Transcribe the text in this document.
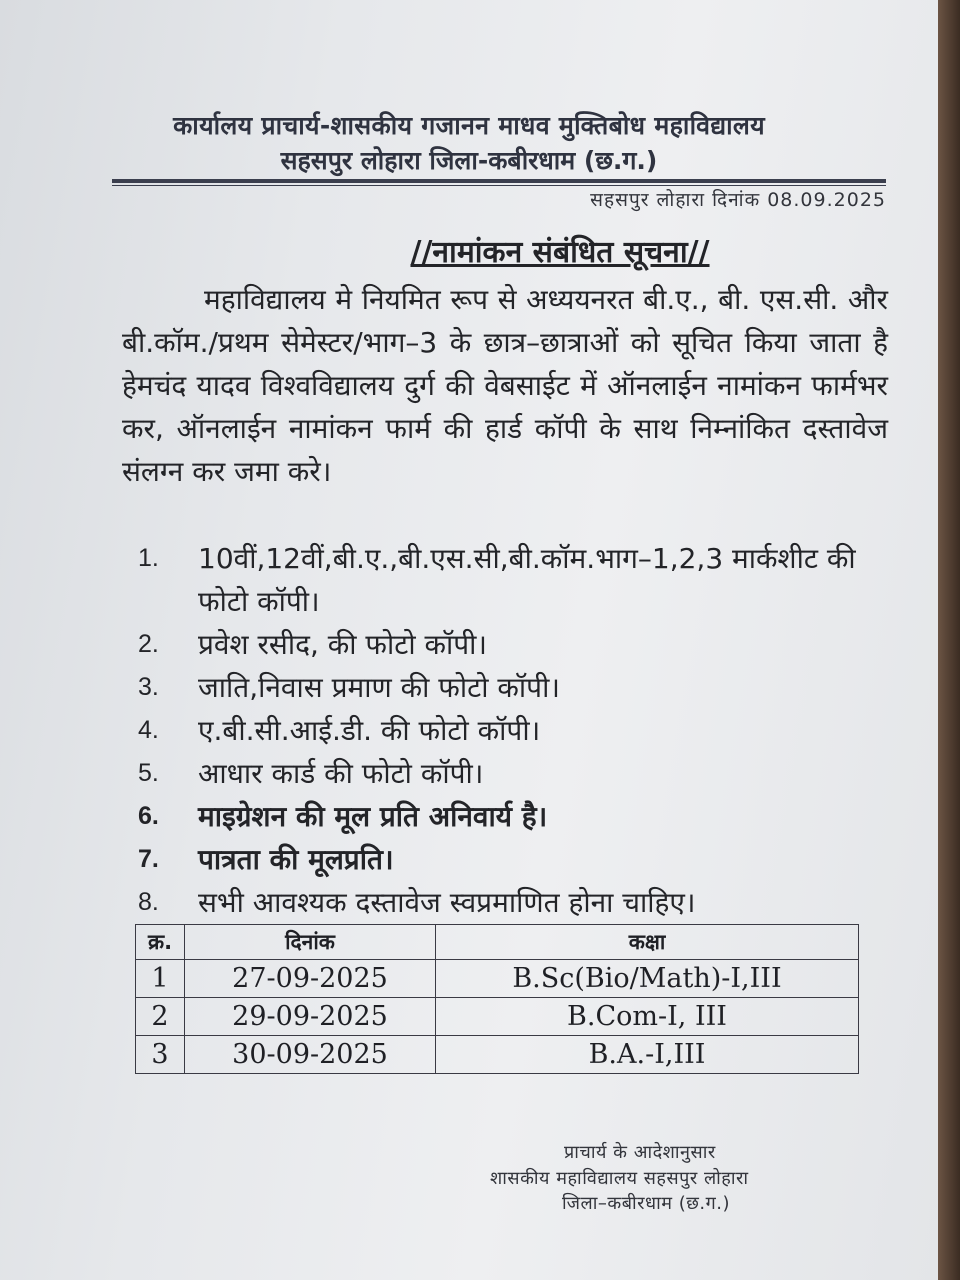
कार्यालय प्राचार्य-शासकीय गजानन माधव मुक्तिबोध महाविद्यालय
सहसपुर लोहारा जिला-कबीरधाम (छ.ग.)
सहसपुर लोहारा दिनांक 08.09.2025
//नामांकन संबंधित सूचना//
महाविद्यालय मे नियमित रूप से अध्ययनरत बी.ए., बी. एस.सी. और बी.कॉम./प्रथम सेमेस्टर/भाग–3 के छात्र–छात्राओं को सूचित किया जाता है हेमचंद यादव विश्वविद्यालय दुर्ग की वेबसाईट में ऑनलाईन नामांकन फार्मभर कर, ऑनलाईन नामांकन फार्म की हार्ड कॉपी के साथ निम्नांकित दस्तावेज संलग्न कर जमा करे।
1.	10वीं,12वीं,बी.ए.,बी.एस.सी,बी.कॉम.भाग–1,2,3 मार्कशीट की फोटो कॉपी।
2.	प्रवेश रसीद, की फोटो कॉपी।
3.	जाति,निवास प्रमाण की फोटो कॉपी।
4.	ए.बी.सी.आई.डी. की फोटो कॉपी।
5.	आधार कार्ड की फोटो कॉपी।
6.	माइग्रेशन की मूल प्रति अनिवार्य है।
7.	पात्रता की मूलप्रति।
8.	सभी आवश्यक दस्तावेज स्वप्रमाणित होना चाहिए।
क्र.	दिनांक	कक्षा
1	27-09-2025	B.Sc(Bio/Math)-I,III
2	29-09-2025	B.Com-I, III
3	30-09-2025	B.A.-I,III
प्राचार्य के आदेशानुसार
शासकीय महाविद्यालय सहसपुर लोहारा
जिला–कबीरधाम (छ.ग.)
